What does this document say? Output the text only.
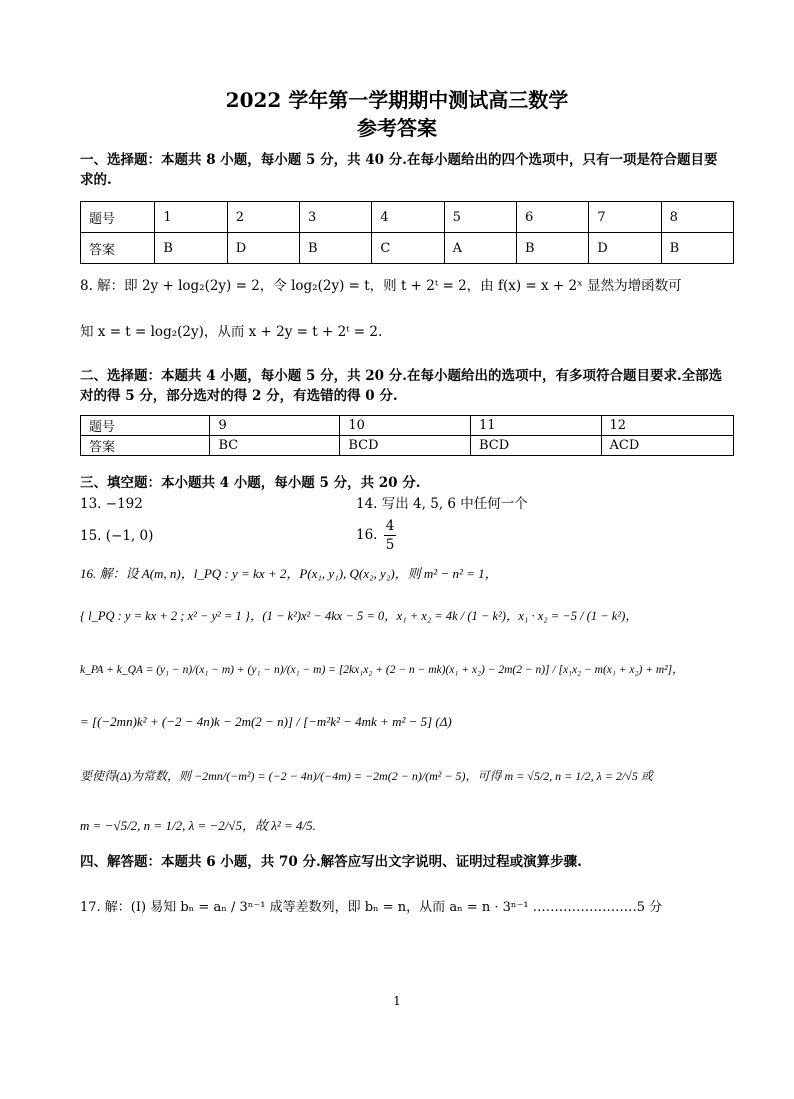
2022 学年第一学期期中测试高三数学
参考答案
一、选择题：本题共 8 小题，每小题 5 分，共 40 分.在每小题给出的四个选项中，只有一项是符合题目要求的.
题号	1	2	3	4	5	6	7	8
答案	B	D	B	C	A	B	D	B
8. 解：即 2y + log₂(2y) = 2，令 log₂(2y) = t，则 t + 2ᵗ = 2，由 f(x) = x + 2ˣ 显然为增函数可
知 x = t = log₂(2y)，从而 x + 2y = t + 2ᵗ = 2.
二、选择题：本题共 4 小题，每小题 5 分，共 20 分.在每小题给出的选项中，有多项符合题目要求.全部选对的得 5 分，部分选对的得 2 分，有选错的得 0 分.
题号	9	10	11	12
答案	BC	BCD	BCD	ACD
三、填空题：本小题共 4 小题，每小题 5 分，共 20 分.
13. −192	14. 写出 4, 5, 6 中任何一个
15. (−1, 0)	16. $\frac{4}{5}$
16. 解：设 A(m, n)，l_PQ : y = kx + 2，P(x₁, y₁), Q(x₂, y₂)，则 m² − n² = 1，
{ l_PQ : y = kx + 2 ; x² − y² = 1 }，(1 − k²)x² − 4kx − 5 = 0，x₁ + x₂ = 4k / (1 − k²)，x₁ · x₂ = −5 / (1 − k²)，
k_PA + k_QA = (y₁ − n)/(x₁ − m) + (y₁ − n)/(x₁ − m) = [2kx₁x₂ + (2 − n − mk)(x₁ + x₂) − 2m(2 − n)] / [x₁x₂ − m(x₁ + x₂) + m²]，
= [(−2mn)k² + (−2 − 4n)k − 2m(2 − n)] / [−m²k² − 4mk + m² − 5] (Δ)
要使得(Δ)为常数，则 −2mn/(−m²) = (−2 − 4n)/(−4m) = −2m(2 − n)/(m² − 5)，可得 m = √5/2, n = 1/2, λ = 2/√5 或
m = −√5/2, n = 1/2, λ = −2/√5，故 λ² = 4/5.
四、解答题：本题共 6 小题，共 70 分.解答应写出文字说明、证明过程或演算步骤.
17. 解：(Ⅰ) 易知 bₙ = aₙ / 3ⁿ⁻¹ 成等差数列，即 bₙ = n，从而 aₙ = n · 3ⁿ⁻¹ ……………………5 分
1
